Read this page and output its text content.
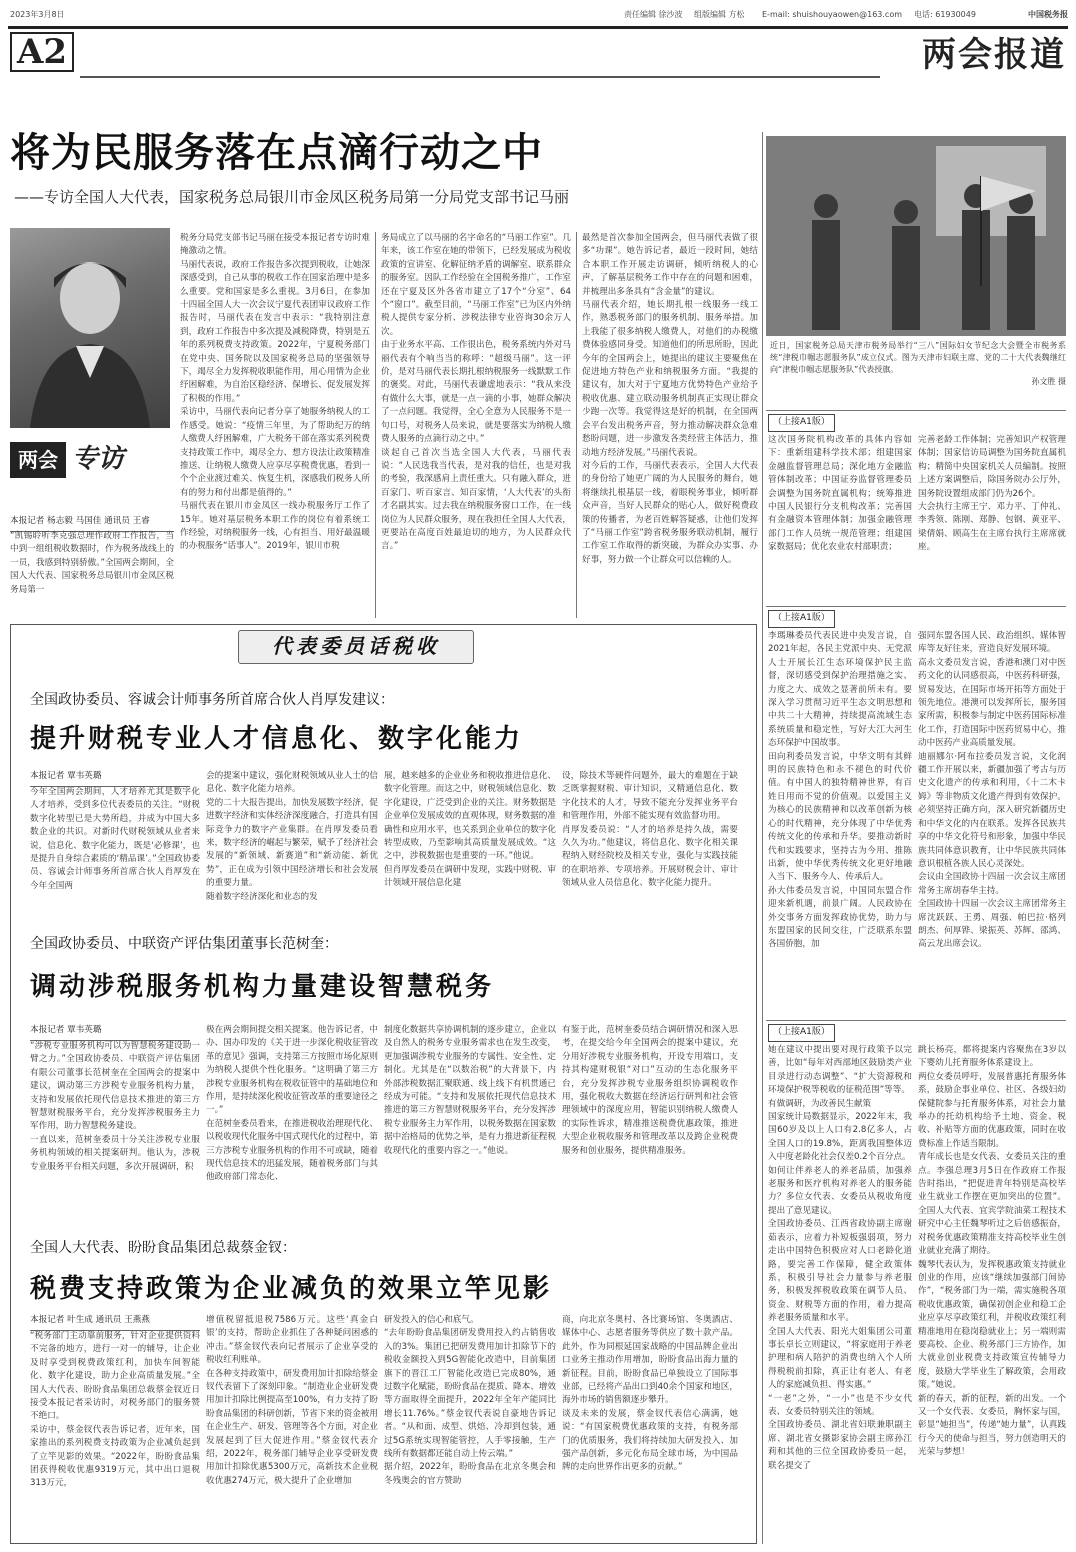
2023年3月8日	责任编辑 徐沙波 组版编辑 方松 E-mail: shuishouyaowen@163.com 电话: 61930049	中国税务报
A2	两会报道
将为民服务落在点滴行动之中
——专访全国人大代表，国家税务总局银川市金凤区税务局第一分局党支部书记马丽
两会 专访
本报记者 杨志毅 马国佳 通讯员 王睿
“凯锡聆听李克强总理作政府工作报告，当中到一组组税收数据时，作为税务战线上的一员，我感到特别骄傲。”全国两会期间，全国人大代表、国家税务总局银川市金凤区税务局第一
税务分局党支部书记马丽在接受本报记者专访时难掩激动之情。
马丽代表说，政府工作报告多次提到税收，让她深深感受到，自己从事的税收工作在国家治理中是多么重要。党和国家是多么重视。3月6日，在参加十四届全国人大一次会议宁夏代表团审议政府工作报告时，马丽代表在发言中表示：“我特别注意到，政府工作报告中多次提及减税降费，特别是五年的系列税费支持政策。2022年，宁夏税务部门在党中央、国务院以及国家税务总局的坚强领导下，竭尽全力发挥税收职能作用，用心用情为企业纾困解难，为自治区稳经济、保增长、促发展发挥了积极的作用。”
采访中，马丽代表向记者分享了她服务纳税人的工作感受。她说：“疫情三年里，为了帮助纪万的纳人缴费人纾困解难，广大税务干部在落实系列税费支持政策工作中，竭尽全力、想方设法让政策精准推送、让纳税人缴费人应享尽享税费优惠，看到一个个企业渡过难关、恢复生机，深感我们税务人所有的努力和付出都是值得的。”
马丽代表在银川市金凤区一线办税服务厅工作了15年。她对基层税务本职工作的岗位有着系统工作经验，对纳税服务一线，心有担当、用好最温暖的办税服务“话事人”。2019年，银川市税
务局成立了以马丽的名字命名的“马丽工作室”。几年来，该工作室在她的带领下，已经发展成为税收政策的宣讲室、化解征纳矛盾的调解室、联系群众的服务室。因队工作经验在全国税务推广，工作室还在宁夏及区外各省市建立了17个“分室”、64个“窗口”。截至目前，“马丽工作室”已为区内外纳税人提供专家分析、涉税法律专业咨询30余万人次。
由于业务水平高、工作很出色，税务系统内外对马丽代表有个响当当的称呼：“超级马丽”。这一评价，是对马丽代表长期扎根纳税服务一线默默工作的褒奖。对此，马丽代表谦虚地表示：“我从来没有做什么大事，就是一点一滴的小事，她群众解决了一点问题。我觉得，全心全意为人民服务不是一句口号，对税务人员来说，就是要落实为纳税人缴费人服务的点滴行动之中。”
谈起自己首次当选全国人大代表，马丽代表说：“人民选我当代表，是对我的信任，也是对我的考验，我深感肩上责任重大。只有融入群众，进百家门、听百家言、知百家情，‘人大代表’的头衔才名副其实。过去我在纳税服务窗口工作，在一线岗位为人民群众服务，现在我担任全国人大代表，更要站在高度百姓最迫切的地方，为人民群众代言。”
最然是首次参加全国两会，但马丽代表做了很多“功课”。她告诉记者，最近一段时间，她结合本职工作开展走访调研，倾听纳税人的心声，了解基层税务工作中存在的问题和困难，并梳理出多条具有“含金量”的建议。
马丽代表介绍，她长期扎根一线服务一线工作，熟悉税务部门的服务机制、服务举措。加上我能了很多纳税人缴费人，对他们的办税缴费体验感同身受。知道他们的所思所盼，因此今年的全国两会上，她提出的建议主要聚焦在促进地方特色产业和纳税服务方面。“我提的建议有，加大对于宁夏地方优势特色产业给予税收优惠、建立联动服务机制真正实现让群众少跑一次等。我觉得这是好的机制，在全国两会平台发出税务声音，努力推动解决群众急难愁盼问题，进一步激发各类经营主体活力，推动地方经济发展。”马丽代表说。
对今后的工作，马丽代表表示，全国人大代表的身份给了她更广阔的为人民服务的舞台，她将继续扎根基层一线，着眼税务事业，倾听群众声音，当好人民群众的贴心人，做好税费政策的传播者，为老百姓解答疑惑，让他们发挥了“马丽工作室”跨省税务服务联动机制，履行工作室工作取得的新突破，为群众办实事、办好事，努力做一个让群众可以信赖的人。
近日，国家税务总局天津市税务局举行“三八”国际妇女节纪念大会暨全市税务系统“津税巾帼志愿服务队”成立仪式。图为天津市妇联主席、党的二十大代表魏继红向“津税巾帼志愿服务队”代表授旗。
孙文胜 摄
（上接A1版）
这次国务院机构改革的具体内容如下：重新组建科学技术部；组建国家金融监督管理总局；深化地方金融监管体制改革；中国证券监督管理委员会调整为国务院直属机构；统筹推进中国人民银行分支机构改革；完善国有金融资本管理体制；加强金融管理部门工作人员统一规范管理；组建国家数据局；优化农业农村部职责；
完善老龄工作体制；完善知识产权管理体制；国家信访局调整为国务院直属机构；精简中央国家机关人员编制。按照上述方案调整后，除国务院办公厅外，国务院设置组成部门仍为26个。
大会执行主席王宁、邓力平、丁仲礼、李秀领、陈刚、郑静、包钢、黄亚平、梁倩娟、顾高生在主席台执行主席席就座。
（上接A1版）
李瑪琳委员代表民进中央发言说，自2021年起，各民主党派中央、无党派人士开展长江生态环境保护民主监督，深切感受到保护治理措施之实、力度之大、成效之显著前所未有。要深入学习贯彻习近平生态文明思想和中共二十大精神，持续提高流域生态系统质量和稳定性，写好大江大河生态环保护中国故事。
田向利委员发言说，中华文明有其鲜明的民族特色和永不褪色的时代价值。有中国人的独特精神世界，有百姓日用而不觉的价值观。以爱国主义为核心的民族精神和以改革创新为核心的时代精神，充分体现了中华优秀传统文化的传承和升华。要推动新时代和实践要求，坚持古为今用、推陈出新，使中华优秀传统文化更好地融入当下、服务今人、传承后人。
孙大伟委员发言说，中国同东盟合作迎来新机遇，前景广阔。人民政协在外交事务方面发挥政协优势，助力与东盟国家的民间交往，广泛联系东盟各国侨胞，加
强同东盟各国人民、政治组织、媒体智库等友好往来，营造良好发展环境。
高永文委员发言说，香港和澳门对中医药文化的认同感很高，中医药科研强，贸易发达，在国际市场开拓等方面处于领先地位。港澳可以发挥所长，服务国家所需，积极参与制定中医药国际标准化工作，打造国际中医药贸易中心，推动中医药产业高质量发展。
迪丽娜尔·阿布拉委员发言说，文化润疆工作开展以来，新疆加强了考古与历史文化遗产的传承和利用，《十二木卡姆》等非物质文化遗产得到有效保护。必须坚持正确方向，深入研究新疆历史和中华文化的内在联系。发挥各民族共享的中华文化符号和形象，加强中华民族共同体意识教育，让中华民族共同体意识根植各族人民心灵深处。
会议由全国政协十四届一次会议主席团常务主席胡春华主持。
全国政协十四届一次会议主席团常务主席沈跃跃、王勇、周强、帕巴拉·格列朗杰、何厚铧、梁振英、苏辉、邵鸿、高云龙出席会议。
（上接A1版）
她在建议中提出要对现行政策予以完善，比如“每年对西部地区鼓励类产业目录进行动态调整”、“扩大资源税和环境保护税等税收的征税范围”等等。
有做调研，为改善民生献策
国家统计局数据显示，2022年末，我国60岁及以上人口有2.8亿多人，占全国人口的19.8%，距离我国整体迈入中度老龄化社会仅差0.2个百分点。
如何让伴养老人的养老品质，加强养老服务和医疗机构对养老人的服务能力？多位女代表、女委员从税收角度提出了意见建议。
全国政协委员、江西省政协副主席谢茹表示，应着力补短板强弱项，努力走出中国特色积极应对人口老龄化道路，要完善工作保障，健全政策体系，积极引导社会力量参与养老服务，积极发挥税收政策在调节人员、资金、财税等方面的作用，着力提高养老服务质量和水平。
全国人大代表、阳光大姐集团公司董事长卓长立则建议，“将家庭用于养老护理和病人陪护的消费也纳入个人所得税税前扣除，真正让有老人、有老人的家庭减负担、得实惠。”
“一老”之外，“一小”也是不少女代表、女委员特别关注的领域。
全国政协委员、湖北省妇联兼职副主席、湖北省女摄影家协会副主席孙江莉和其他的三位全国政协委员一起，联名提交了
跳长杨亮，都将提案内容聚焦在3岁以下婴幼儿托育服务体系建设上。
两位女委员呼吁，发展普惠托育服务体系，鼓励企事业单位、社区、各级妇幼保健院参与托育服务体系，对社会力量举办的托幼机构给予土地、资金、税收、补贴等方面的优惠政策，同时在收费标准上作适当限制。
青年成长也是女代表、女委员关注的重点。李强总理3月5日在作政府工作报告时指出，“把促进青年特别是高校毕业生就业工作摆在更加突出的位置”。全国人大代表、宜宾学院油菜工程技术研究中心主任魏琴听过之后倍感振奋，对税务优惠政策精准支持高校毕业生创业就业充满了期待。
魏琴代表认为，发挥税惠政策支持就业创业的作用，应该“继续加强部门间协作”，“税务部门为一端，需实施税各项税收优惠政策，确保初创企业和稳工企业应享尽享政策红利，并税收政策红利精准地用在稳岗稳就业上；另一端则需要高校、企业、税务部门三方协作，加大就业创业税费支持政策宣传辅导力度，鼓励大学毕业生了解政策，会用政策。”她说。
新的春天，新的征程，新的出发。一个又一个女代表、女委员，胸怀家与国，彰显“她担当”，传递“她力量”，认真践行今天的使命与担当，努力创造明天的光荣与梦想！
代表委员话税收
全国政协委员、容诚会计师事务所首席合伙人肖厚发建议：
提升财税专业人才信息化、数字化能力
本报记者 覃韦英璐
今年全国两会期间，人才培养尤其是数字化人才培养，受到多位代表委员的关注。“财税数字化转型已是大势所趋，并成为中国大多数企业的共识。对新时代财税领域从业者来说，信息化、数字化能力，既是‘必修课’，也是提升自身综合素质的‘精品课’。”全国政协委员、容诚会计师事务所首席合伙人肖厚发在今年全国两
会的提案中建议，强化财税领域从业人士的信息化、数字化能力培养。
党的二十大报告提出，加快发展数字经济，促进数字经济和实体经济深度融合，打造具有国际竞争力的数字产业集群。在肖厚发委员看来，数字经济的崛起与繁荣，赋予了经济社会发展的“新领域、新赛道”和“新动能、新优势”，正在成为引领中国经济增长和社会发展的重要力量。
随着数字经济深化和业态的发
展，越来越多的企业业务和税收推进信息化、数字化管理。而这之中，财税领域信息化、数字化建设，广泛受到企业的关注。财务数据是企业单位发展成效的直观体现，财务数据的准确性和应用水平，也关系到企业单位的数字化转型成败，乃至影响其高质量发展成效。“这之中，涉税数据也是重要的一环。”他说。
但肖厚发委员在调研中发现，实践中财税、审计领域开展信息化建
设，除技术等硬件问题外，最大的难题在于缺乏既掌握财税、审计知识，又精通信息化、数字化技术的人才，导致不能充分发挥业务平台和管理作用，外部不能实现有效监督功用。
肖厚发委员说：“人才的培养是持久战，需要久久为功。”他建议，将信息化、数字化相关课程纳入财经院校及相关专业，强化与实践技能的在职培养、专项培养。开展财税会计、审计领域从业人员信息化、数字化能力提升。
全国政协委员、中联资产评估集团董事长范树奎：
调动涉税服务机构力量建设智慧税务
本报记者 覃韦英璐
“涉税专业服务机构可以为智慧税务建设助一臂之力。”全国政协委员、中联资产评估集团有限公司董事长范树奎在全国两会的提案中建议，调动第三方涉税专业服务机构力量，支持和发展依托现代信息技术推进的第三方智慧财税服务平台，充分发挥涉税服务主力军作用，助力智慧税务建设。
一直以来，范树奎委员十分关注涉税专业服务机构领域的相关提案研判。他认为，涉税专业服务平台相关问题，多次开展调研，积
极在两会期间提交相关提案。他告诉记者，中办、国办印发的《关于进一步深化税收征管改革的意见》强调，支持第三方按照市场化原则为纳税人提供个性化服务。“这明确了第三方涉税专业服务机构在税收征管中的基础地位和作用，是持续深化税收征管改革的重要途径之一。”
在范树奎委员看来，在推进税收治理现代化、以税收现代化服务中国式现代化的过程中，第三方涉税专业服务机构的作用不可或缺，随着现代信息技术的迅猛发展，随着税务部门与其他政府部门常态化、
制度化数据共享协调机制的逐步建立，企业以及自然人的税务专业服务需求也在发生改变，更加强调涉税专业服务的专属性、安全性、定制化。尤其是在“以数治税”的大背景下，内外部涉税数据汇聚联通、线上线下有机贯通已经成为可能。“支持和发展依托现代信息技术推进的第三方智慧财税服务平台，充分发挥涉税专业服务主力军作用，以税务数据在国家数据中治格局的优势之举，是有力推进新征程税收现代化的重要内容之一。”他说。
有鉴于此，范树奎委员结合调研情况和深入思考，在提交给今年全国两会的提案中建议，充分用好涉税专业服务机构，开设专用端口，支持其构建财税银“对口”互动的生态化服务平台，充分发挥涉税专业服务组织协调税收作用，强化税收大数据在经济运行研判和社会管理领域中的深度应用，智能识别纳税人缴费人的实际性诉求，精准推送税费优惠政策，推进大型企业税收服务和管理改革以及跨企业税费服务和创业服务，提供精准服务。
全国人大代表、盼盼食品集团总裁蔡金钗：
税费支持政策为企业减负的效果立竿见影
本报记者 叶生成 通讯员 王燕燕
“税务部门主动靠前服务，针对企业提供资料不完备的地方，进行一对一的辅导，让企业及时享受到税费政策红利，加快车间智能化、数字化建设，助力企业高质量发展。”全国人大代表、盼盼食品集团总裁蔡金钗近日接受本报记者采访时，对税务部门的服务赞不绝口。
采访中，蔡金钗代表告诉记者，近年来，国家推出的系列税费支持政策为企业减负起到了立竿见影的效果。“2022年，盼盼食品集团获得税收优惠9319万元，其中出口退税313万元，
增值税留抵退税7586万元。这些‘真金白银’的支持，帮助企业抓住了各种疑问困惑的冲击。”蔡金钗代表向记者展示了企业享受的税收红利账单。
在各种支持政策中，研发费用加计扣除给蔡金钗代表留下了深刻印象。“制造业企业研发费用加计扣除比例提高至100%，有力支持了盼盼食品集团的科研创新，节省下来的资金被用在企业生产、研发、管理等各个方面，对企业发展起到了巨大促进作用。”蔡金钗代表介绍，2022年，税务部门辅导企业享受研发费用加计扣除优惠5300万元，高新技术企业税收优惠274万元，极大提升了企业增加
研发投入的信心和底气。
“去年盼盼食品集团研发费用投入约占销售收入的3%。集团已把研发费用加计扣除节下的税收金额投入到5G智能化改造中，目前集团旗下的晋江工厂智能化改造已完成80%，通过数字化赋能，盼盼食品在提质、降本、增效等方面取得全面提升，2022年全年产能同比增长11.76%。”蔡金钗代表说自豪地告诉记者。“从和面、成型、烘焙、冷却到包装，通过5G系统实现智能管控，人手零接触，生产线所有数据都还能自动上传云端。”
据介绍，2022年，盼盼食品在北京冬奥会和冬残奥会的官方赞助
商，向北京冬奥村、各比赛场馆、冬奥酒店、媒体中心、志愿者服务等供应了数十款产品。此外，作为同根延国家战略的中国品牌企业出口业务主推动作用增加，盼盼食品出海力量的新征程。目前，盼盼食品已单独设立了国际事业部，已经将产品出口到40余个国家和地区，海外市场的销售额逐步攀升。
谈及未来的发展，蔡金钗代表信心满满，她说：“有国家税费优惠政策的支持，有税务部门的优质服务，我们将持续加大研发投入、加强产品创新，多元化布局全球市场，为中国品牌的走向世界作出更多的贡献。”
